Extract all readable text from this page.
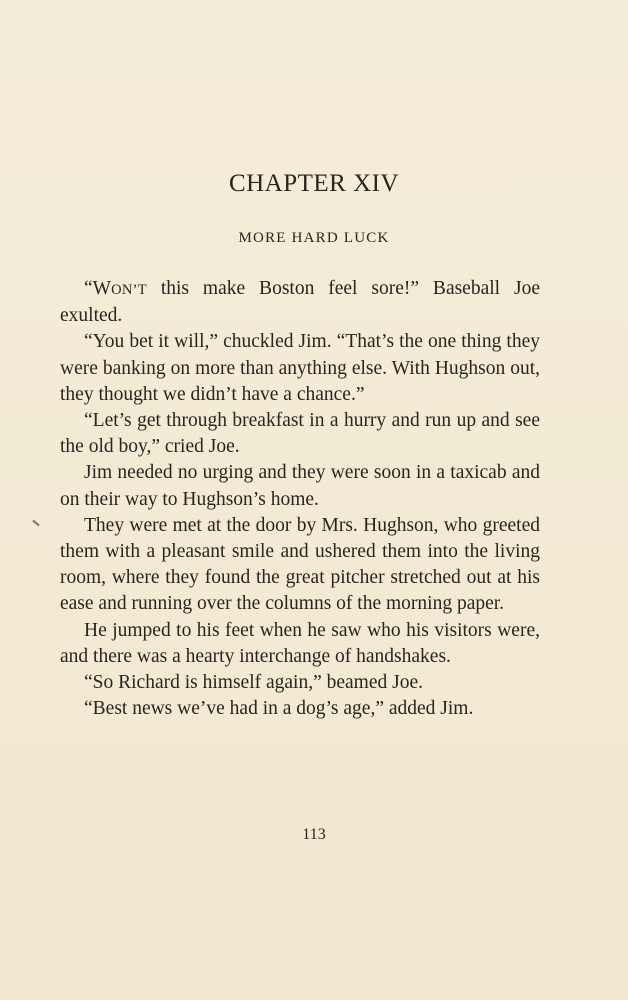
CHAPTER XIV
MORE HARD LUCK

“WON’T this make Boston feel sore!” Baseball Joe exulted.

“You bet it will,” chuckled Jim. “That’s the one thing they were banking on more than anything else. With Hughson out, they thought we didn’t have a chance.”

“Let’s get through breakfast in a hurry and run up and see the old boy,” cried Joe.

Jim needed no urging and they were soon in a taxicab and on their way to Hughson’s home.

They were met at the door by Mrs. Hughson, who greeted them with a pleasant smile and ushered them into the living room, where they found the great pitcher stretched out at his ease and running over the columns of the morning paper.

He jumped to his feet when he saw who his visitors were, and there was a hearty interchange of handshakes.

“So Richard is himself again,” beamed Joe.

“Best news we’ve had in a dog’s age,” added Jim.

113
